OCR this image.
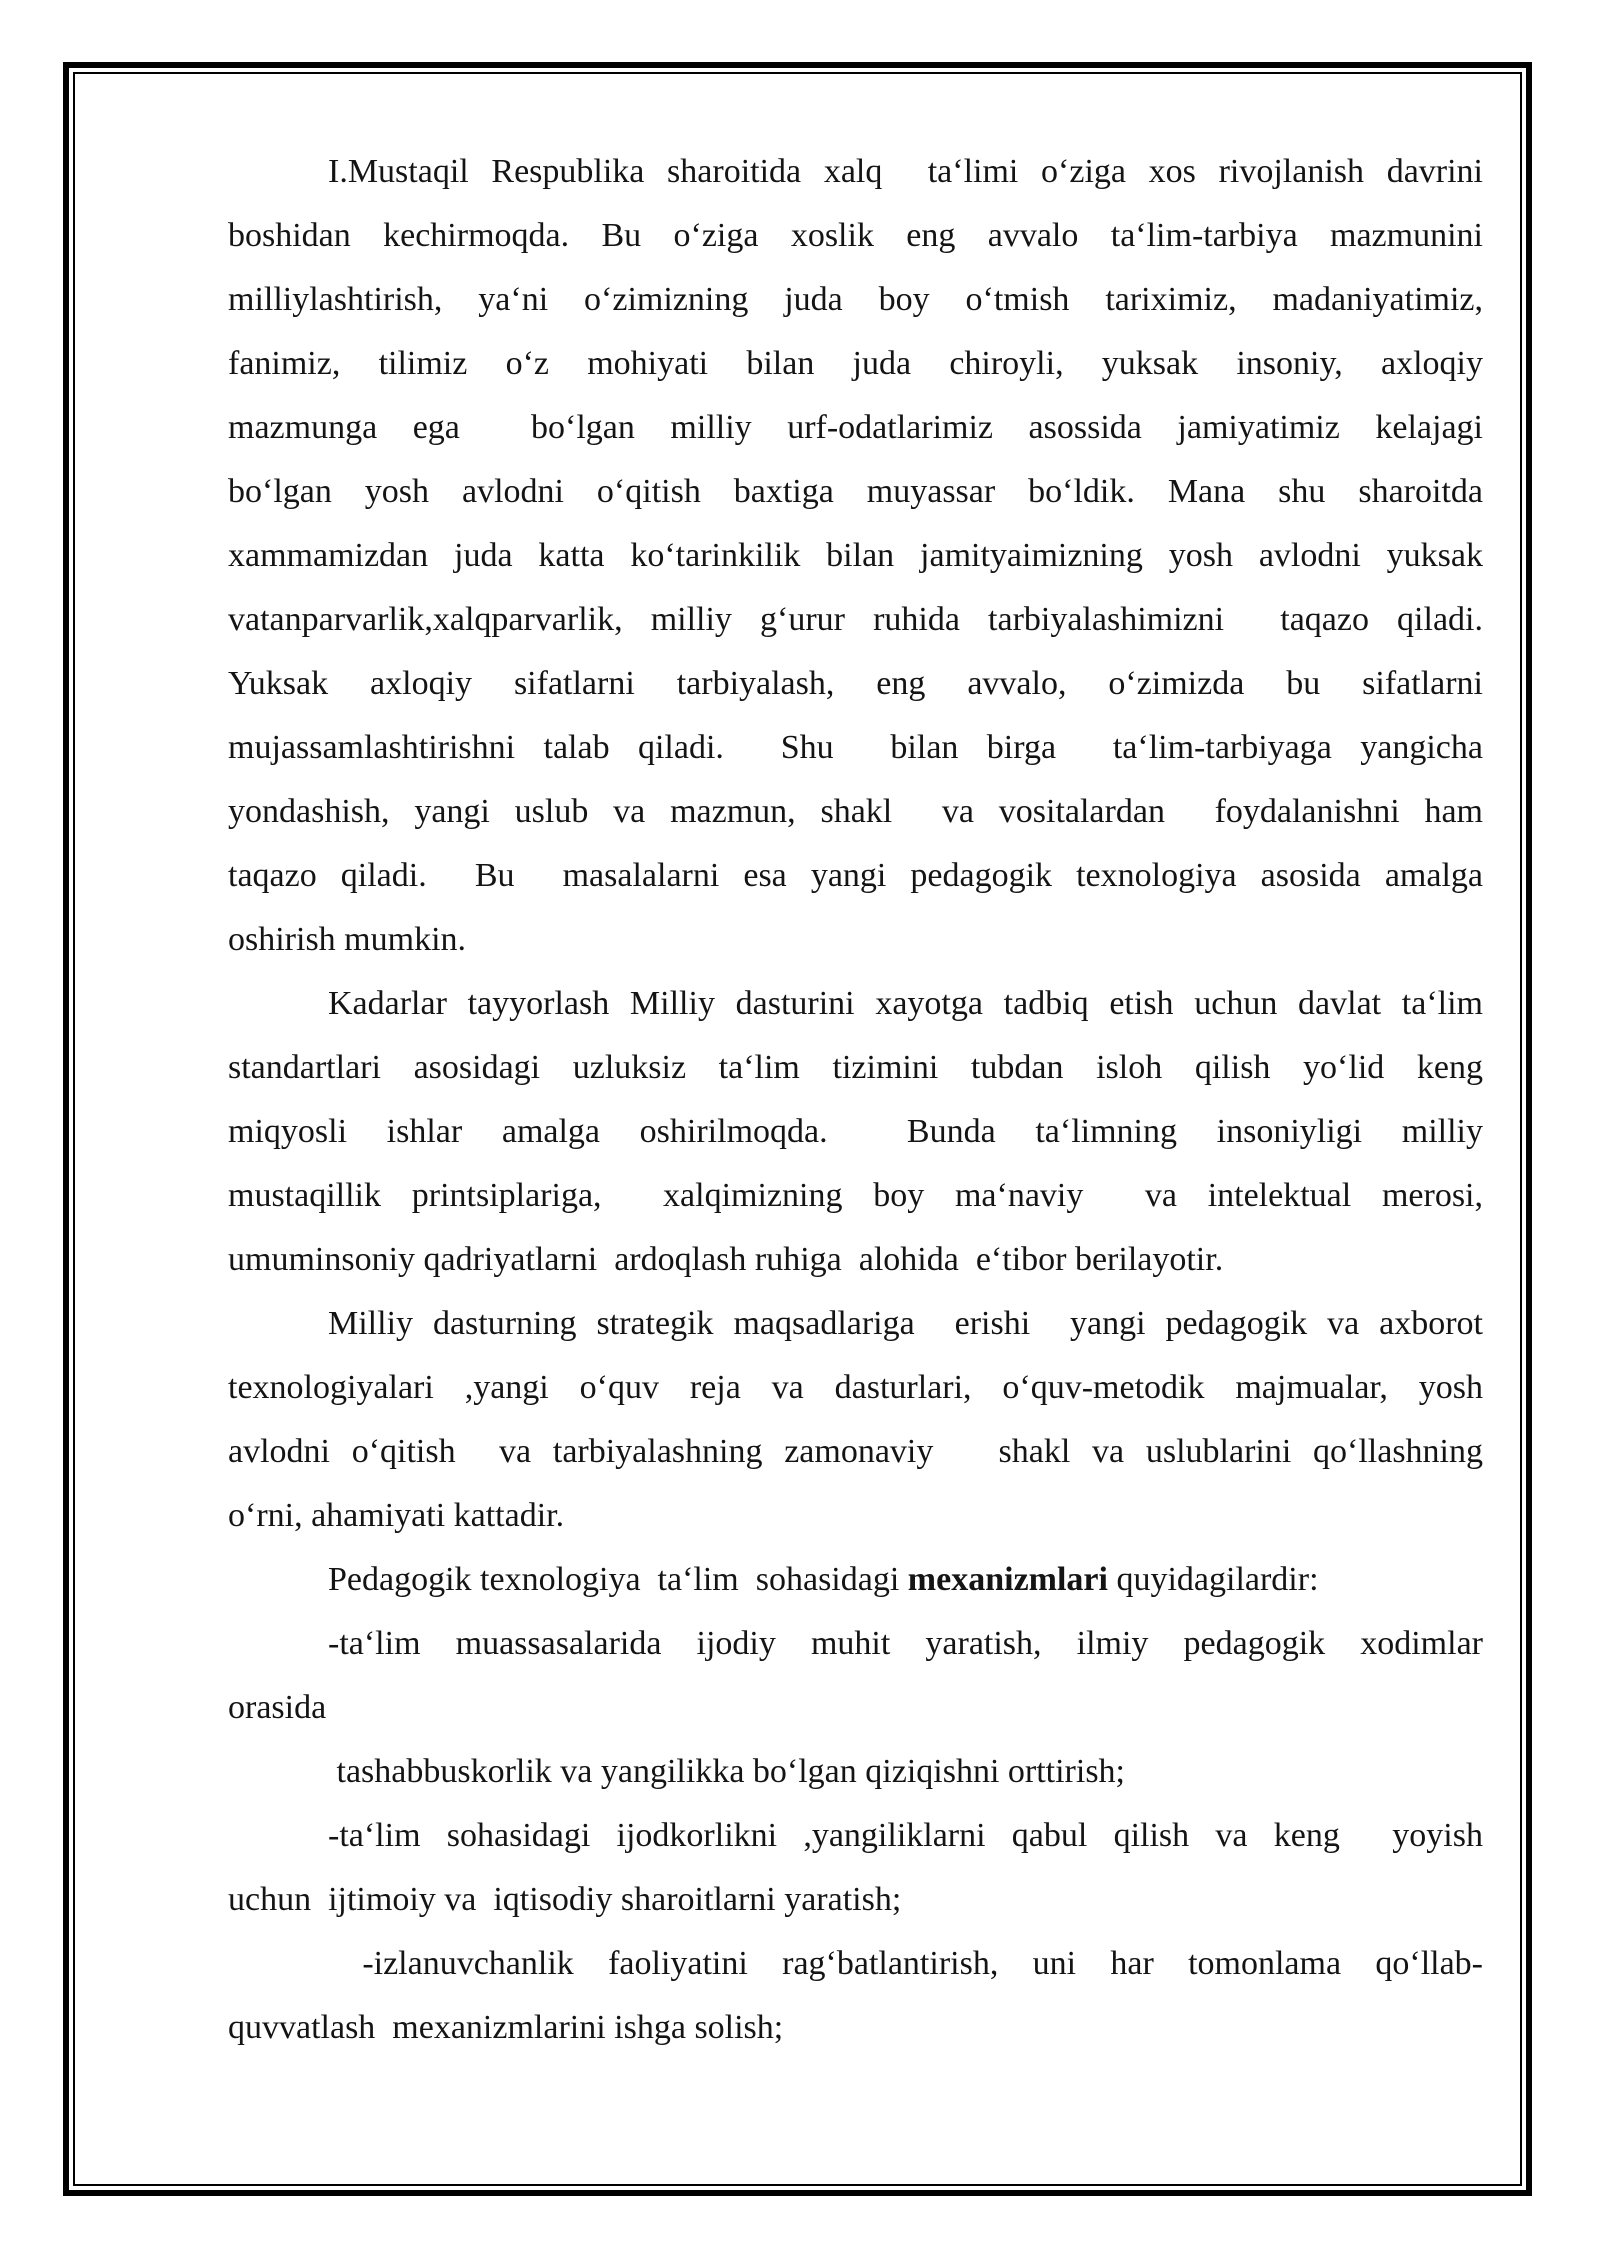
I.Mustaqil Respublika sharoitida xalq  taʻlimi oʻziga xos rivojlanish davrini
boshidan kechirmoqda. Bu oʻziga xoslik eng avvalo taʻlim-tarbiya mazmunini
milliylashtirish, yaʻni oʻzimizning juda boy oʻtmish tariximiz, madaniyatimiz,
fanimiz, tilimiz oʻz mohiyati bilan juda chiroyli, yuksak insoniy, axloqiy
mazmunga ega  boʻlgan milliy urf-odatlarimiz asossida jamiyatimiz kelajagi
boʻlgan yosh avlodni oʻqitish baxtiga muyassar boʻldik. Mana shu sharoitda
xammamizdan juda katta koʻtarinkilik bilan jamityaimizning yosh avlodni yuksak
vatanparvarlik,xalqparvarlik, milliy gʻurur ruhida tarbiyalashimizni  taqazo qiladi.
Yuksak axloqiy sifatlarni tarbiyalash, eng avvalo, oʻzimizda bu sifatlarni
mujassamlashtirishni talab qiladi.  Shu  bilan birga  taʻlim-tarbiyaga yangicha
yondashish, yangi uslub va mazmun, shakl  va vositalardan  foydalanishni ham
taqazo qiladi.  Bu  masalalarni esa yangi pedagogik texnologiya asosida amalga
oshirish mumkin.
Kadarlar tayyorlash Milliy dasturini xayotga tadbiq etish uchun davlat taʻlim
standartlari asosidagi uzluksiz taʻlim tizimini tubdan isloh qilish yoʻlid keng
miqyosli ishlar amalga oshirilmoqda.  Bunda taʻlimning insoniyligi milliy
mustaqillik printsiplariga,  xalqimizning boy maʻnaviy  va intelektual merosi,
umuminsoniy qadriyatlarni  ardoqlash ruhiga  alohida  eʻtibor berilayotir.
Milliy dasturning strategik maqsadlariga  erishi  yangi pedagogik va axborot
texnologiyalari ,yangi oʻquv reja va dasturlari, oʻquv-metodik majmualar, yosh
avlodni oʻqitish  va tarbiyalashning zamonaviy   shakl va uslublarini qoʻllashning
oʻrni, ahamiyati kattadir.
Pedagogik texnologiya  taʻlim  sohasidagi mexanizmlari quyidagilardir:
-taʻlim muassasalarida ijodiy muhit yaratish, ilmiy pedagogik xodimlar
orasida
tashabbuskorlik va yangilikka boʻlgan qiziqishni orttirish;
-taʻlim sohasidagi ijodkorlikni ,yangiliklarni qabul qilish va keng  yoyish
uchun  ijtimoiy va  iqtisodiy sharoitlarni yaratish;
-izlanuvchanlik faoliyatini ragʻbatlantirish, uni har tomonlama qoʻllab-
quvvatlash  mexanizmlarini ishga solish;
